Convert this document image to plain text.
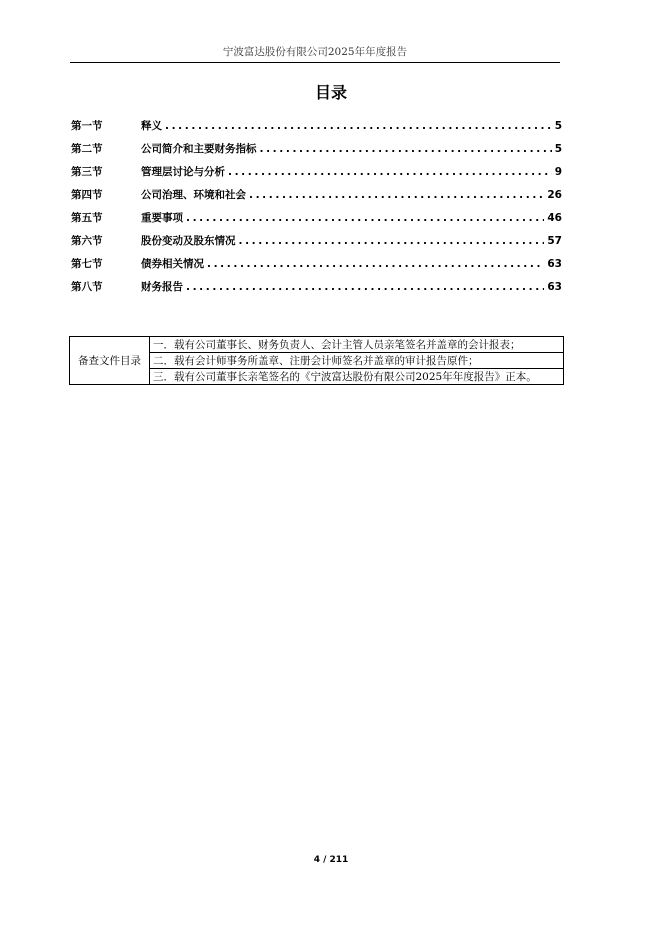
宁波富达股份有限公司2025年年度报告
目录
第一节	释义 .....	5
第二节	公司简介和主要财务指标 .....	5
第三节	管理层讨论与分析 .....	9
第四节	公司治理、环境和社会 .....	26
第五节	重要事项 .....	46
第六节	股份变动及股东情况 .....	57
第七节	债券相关情况 .....	63
第八节	财务报告 .....	63
备查文件目录	一．载有公司董事长、财务负责人、会计主管人员亲笔签名并盖章的会计报表；
二．载有会计师事务所盖章、注册会计师签名并盖章的审计报告原件；
三．载有公司董事长亲笔签名的《宁波富达股份有限公司2025年年度报告》正本。
4 / 211
